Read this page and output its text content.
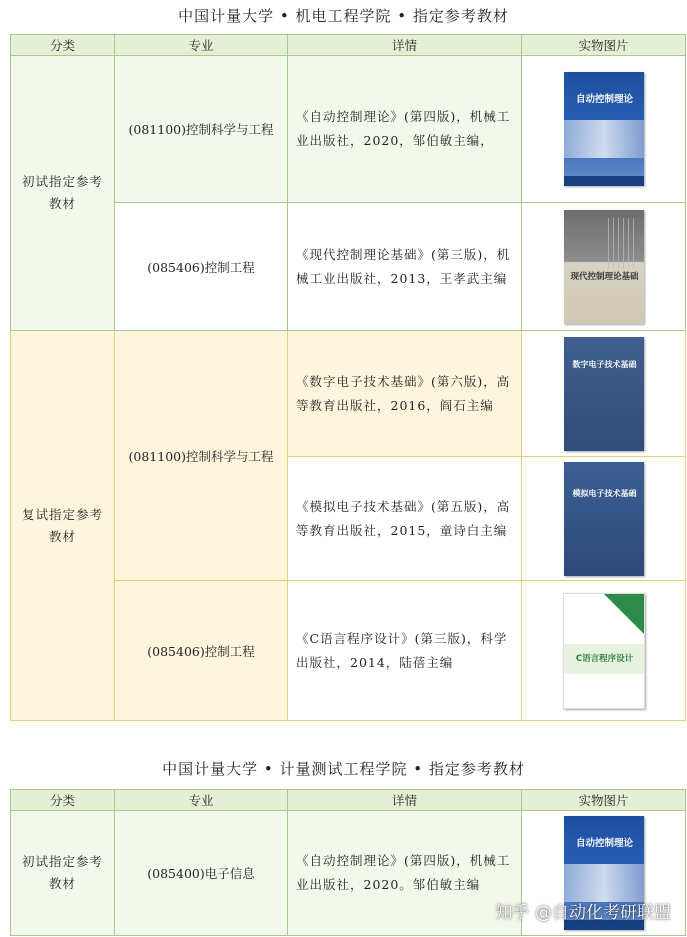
中国计量大学 • 机电工程学院 • 指定参考教材
分类	专业	详情	实物图片
初试指定参考教材	(081100)控制科学与工程	《自动控制理论》(第四版)，机械工业出版社，2020，邹伯敏主编，	自动控制理论

	(085406)控制工程	《现代控制理论基础》(第三版)，机械工业出版社，2013，王孝武主编	现代控制理论基础

复试指定参考教材	(081100)控制科学与工程	《数字电子技术基础》(第六版)，高等教育出版社，2016，阎石主编	数字电子技术基础

		《模拟电子技术基础》(第五版)，高等教育出版社，2015，童诗白主编	模拟电子技术基础

	(085406)控制工程	《C语言程序设计》(第三版)，科学出版社，2014，陆蓓主编	C语言程序设计
中国计量大学 • 计量测试工程学院 • 指定参考教材
分类	专业	详情	实物图片
初试指定参考教材	(085400)电子信息	《自动控制理论》(第四版)，机械工业出版社，2020。邹伯敏主编	自动控制理论
知乎 @自动化考研联盟
